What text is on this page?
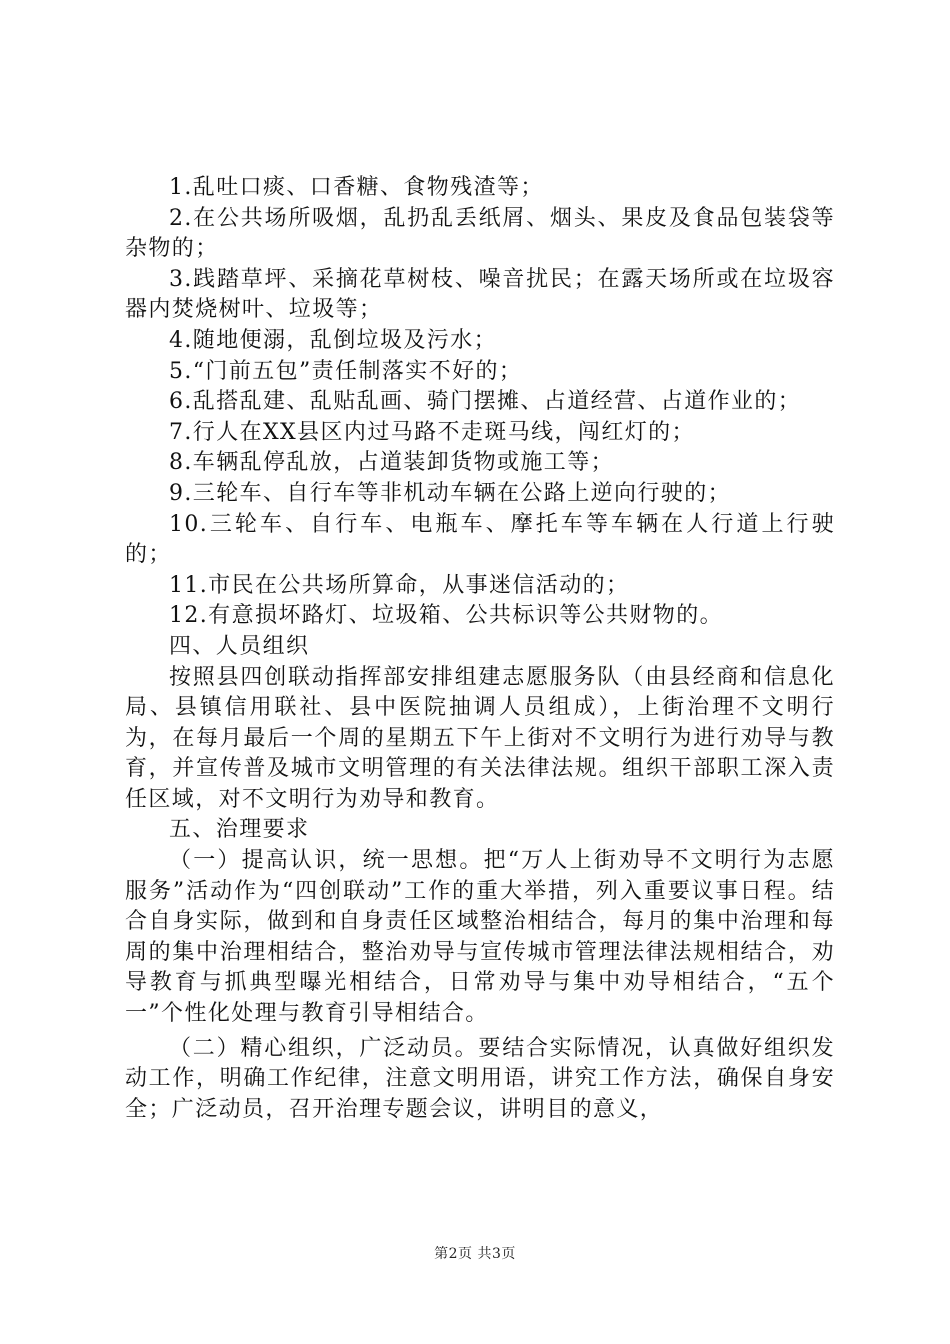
1.乱吐口痰、口香糖、食物残渣等；

2.在公共场所吸烟，乱扔乱丢纸屑、烟头、果皮及食品包装袋等杂物的；

3.践踏草坪、采摘花草树枝、噪音扰民；在露天场所或在垃圾容器内焚烧树叶、垃圾等；

4.随地便溺，乱倒垃圾及污水；

5.“门前五包”责任制落实不好的；

6.乱搭乱建、乱贴乱画、骑门摆摊、占道经营、占道作业的；

7.行人在XX县区内过马路不走斑马线，闯红灯的；

8.车辆乱停乱放，占道装卸货物或施工等；

9.三轮车、自行车等非机动车辆在公路上逆向行驶的；

10.三轮车、自行车、电瓶车、摩托车等车辆在人行道上行驶的；

11.市民在公共场所算命，从事迷信活动的；

12.有意损坏路灯、垃圾箱、公共标识等公共财物的。

四、人员组织

按照县四创联动指挥部安排组建志愿服务队（由县经商和信息化局、县镇信用联社、县中医院抽调人员组成），上街治理不文明行为，在每月最后一个周的星期五下午上街对不文明行为进行劝导与教育，并宣传普及城市文明管理的有关法律法规。组织干部职工深入责任区域，对不文明行为劝导和教育。

五、治理要求

（一）提高认识，统一思想。把“万人上街劝导不文明行为志愿服务”活动作为“四创联动”工作的重大举措，列入重要议事日程。结合自身实际，做到和自身责任区域整治相结合，每月的集中治理和每周的集中治理相结合，整治劝导与宣传城市管理法律法规相结合，劝导教育与抓典型曝光相结合，日常劝导与集中劝导相结合，“五个一”个性化处理与教育引导相结合。

（二）精心组织，广泛动员。要结合实际情况，认真做好组织发动工作，明确工作纪律，注意文明用语，讲究工作方法，确保自身安全；广泛动员，召开治理专题会议，讲明目的意义，

第2页 共3页
